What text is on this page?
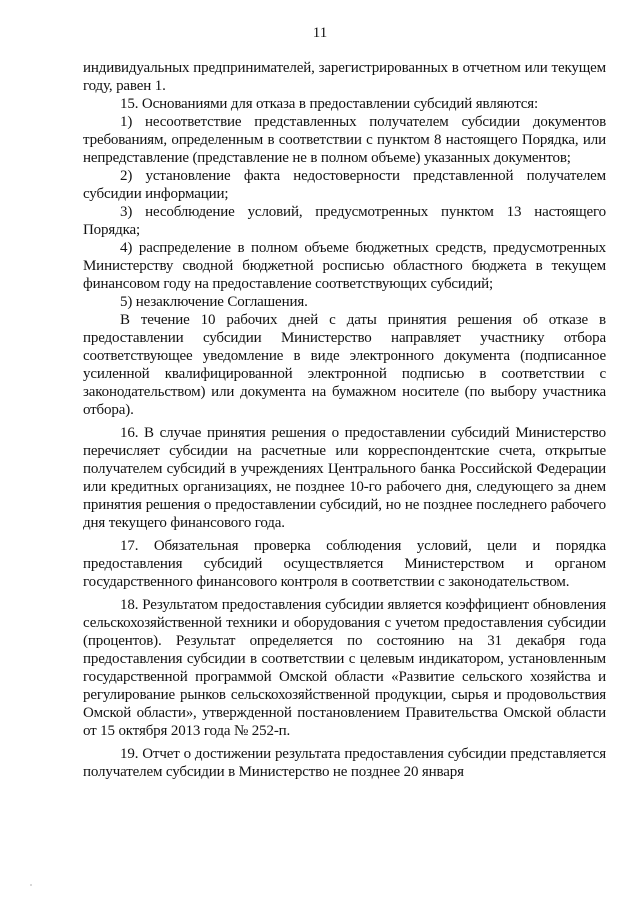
11

индивидуальных предпринимателей, зарегистрированных в отчетном или текущем году, равен 1.

15. Основаниями для отказа в предоставлении субсидий являются:

1) несоответствие представленных получателем субсидии документов требованиям, определенным в соответствии с пунктом 8 настоящего Порядка, или непредставление (представление не в полном объеме) указанных документов;

2) установление факта недостоверности представленной получателем субсидии информации;

3) несоблюдение условий, предусмотренных пунктом 13 настоящего Порядка;

4) распределение в полном объеме бюджетных средств, предусмотренных Министерству сводной бюджетной росписью областного бюджета в текущем финансовом году на предоставление соответствующих субсидий;

5) незаключение Соглашения.

В течение 10 рабочих дней с даты принятия решения об отказе в предоставлении субсидии Министерство направляет участнику отбора соответствующее уведомление в виде электронного документа (подписанное усиленной квалифицированной электронной подписью в соответствии с законодательством) или документа на бумажном носителе (по выбору участника отбора).

16. В случае принятия решения о предоставлении субсидий Министерство перечисляет субсидии на расчетные или корреспондентские счета, открытые получателем субсидий в учреждениях Центрального банка Российской Федерации или кредитных организациях, не позднее 10-го рабочего дня, следующего за днем принятия решения о предоставлении субсидий, но не позднее последнего рабочего дня текущего финансового года.

17. Обязательная проверка соблюдения условий, цели и порядка предоставления субсидий осуществляется Министерством и органом государственного финансового контроля в соответствии с законодательством.

18. Результатом предоставления субсидии является коэффициент обновления сельскохозяйственной техники и оборудования с учетом предоставления субсидии (процентов). Результат определяется по состоянию на 31 декабря года предоставления субсидии в соответствии с целевым индикатором, установленным государственной программой Омской области «Развитие сельского хозяйства и регулирование рынков сельскохозяйственной продукции, сырья и продовольствия Омской области», утвержденной постановлением Правительства Омской области от 15 октября 2013 года № 252-п.

19. Отчет о достижении результата предоставления субсидии представляется получателем субсидии в Министерство не позднее 20 января
